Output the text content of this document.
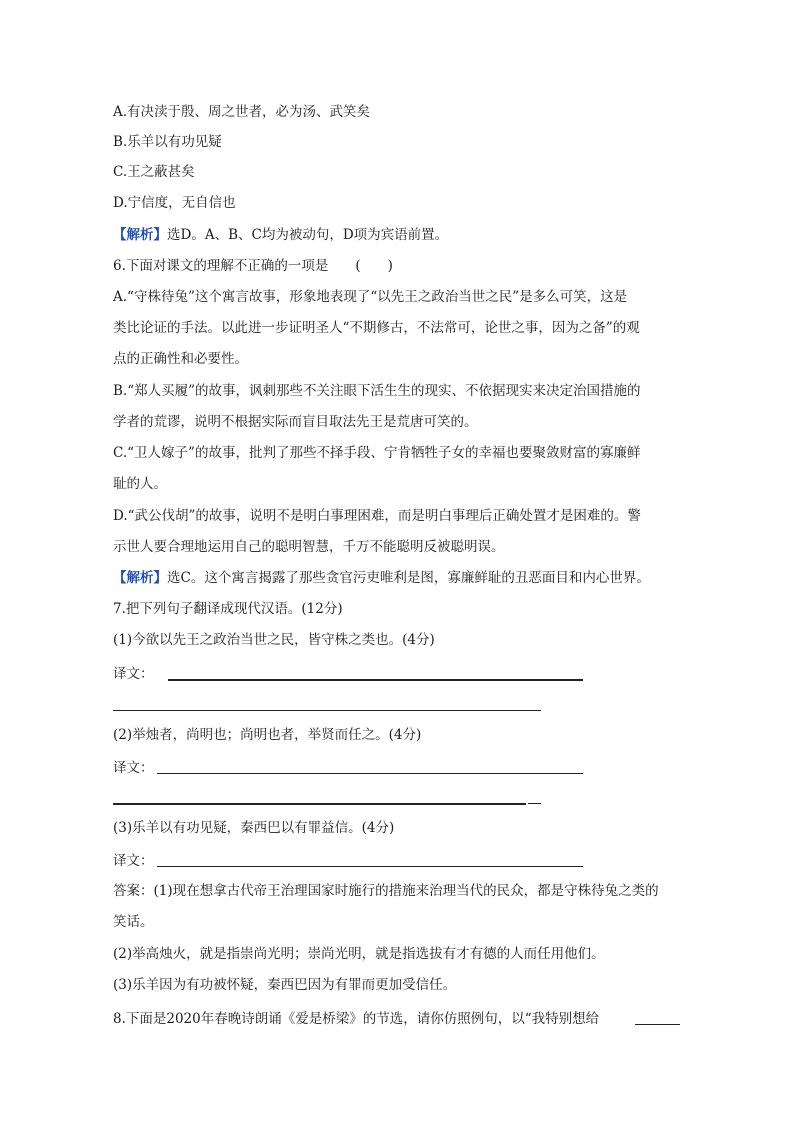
A.有决渎于殷、周之世者，必为汤、武笑矣
B.乐羊以有功见疑
C.王之蔽甚矣
D.宁信度，无自信也
【解析】选D。A、B、C均为被动句，D项为宾语前置。
6.下面对课文的理解不正确的一项是　　(　　)
A.“守株待兔”这个寓言故事，形象地表现了“以先王之政治当世之民”是多么可笑，这是
类比论证的手法。以此进一步证明圣人“不期修古，不法常可，论世之事，因为之备”的观
点的正确性和必要性。
B.“郑人买履”的故事，讽刺那些不关注眼下活生生的现实、不依据现实来决定治国措施的
学者的荒谬，说明不根据实际而盲目取法先王是荒唐可笑的。
C.“卫人嫁子”的故事，批判了那些不择手段、宁肯牺牲子女的幸福也要聚敛财富的寡廉鲜
耻的人。
D.“武公伐胡”的故事，说明不是明白事理困难，而是明白事理后正确处置才是困难的。警
示世人要合理地运用自己的聪明智慧，千万不能聪明反被聪明误。
【解析】选C。这个寓言揭露了那些贪官污吏唯利是图，寡廉鲜耻的丑恶面目和内心世界。
7.把下列句子翻译成现代汉语。(12分)
(1)今欲以先王之政治当世之民，皆守株之类也。(4分)
译文：
(2)举烛者，尚明也；尚明也者，举贤而任之。(4分)
译文：
(3)乐羊以有功见疑，秦西巴以有罪益信。(4分)
译文：
答案：(1)现在想拿古代帝王治理国家时施行的措施来治理当代的民众，都是守株待兔之类的
笑话。
(2)举高烛火，就是指崇尚光明；崇尚光明，就是指选拔有才有德的人而任用他们。
(3)乐羊因为有功被怀疑，秦西巴因为有罪而更加受信任。
8.下面是2020年春晚诗朗诵《爱是桥梁》的节选，请你仿照例句，以“我特别想给
